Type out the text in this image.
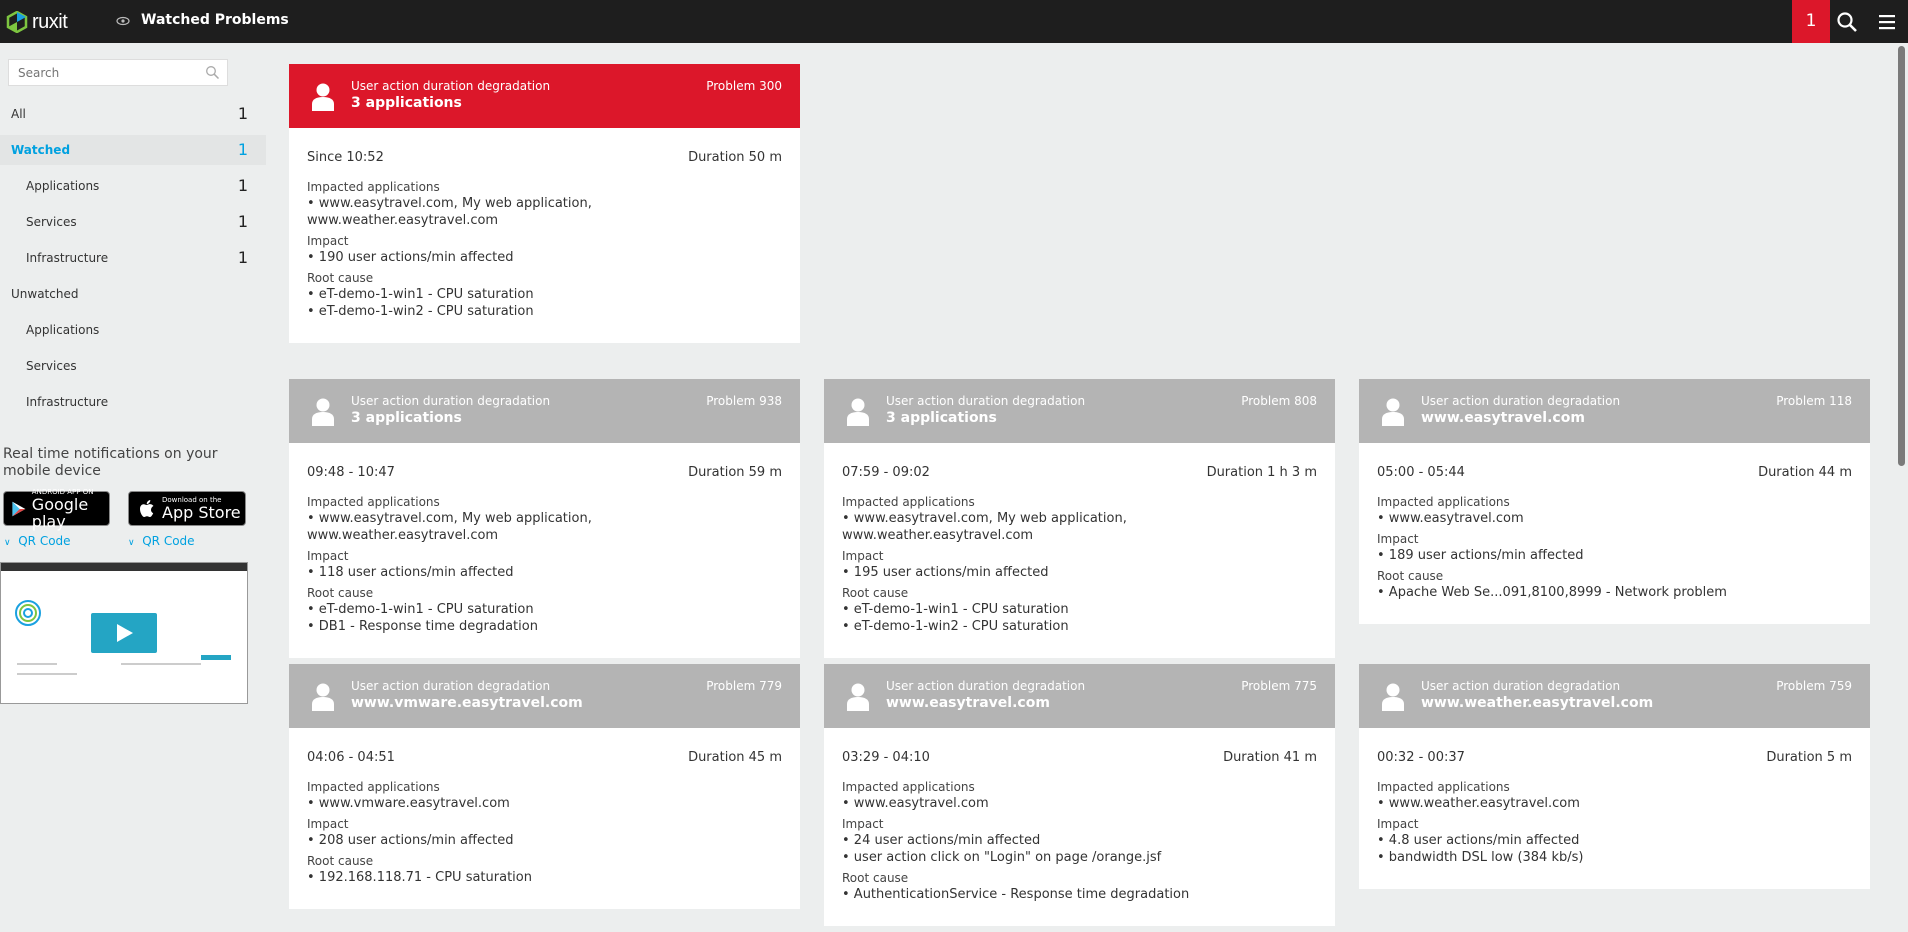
ruxit	Watched Problems	1
Search
All	1
Watched	1
Applications	1
Services	1
Infrastructure	1
Unwatched
Applications
Services
Infrastructure
Real time notifications on your mobile device
ANDROID APP ON
Google play
Download on the
App Store
∨ QR Code	∨ QR Code
User action duration degradation
3 applications
Problem 300
Since 10:52	Duration 50 m
Impacted applications
• www.easytravel.com, My web application, www.weather.easytravel.com
Impact
• 190 user actions/min affected
Root cause
• eT-demo-1-win1 - CPU saturation
• eT-demo-1-win2 - CPU saturation
User action duration degradation
3 applications
Problem 938
09:48 - 10:47	Duration 59 m
Impacted applications
• www.easytravel.com, My web application, www.weather.easytravel.com
Impact
• 118 user actions/min affected
Root cause
• eT-demo-1-win1 - CPU saturation
• DB1 - Response time degradation
User action duration degradation
3 applications
Problem 808
07:59 - 09:02	Duration 1 h 3 m
Impacted applications
• www.easytravel.com, My web application, www.weather.easytravel.com
Impact
• 195 user actions/min affected
Root cause
• eT-demo-1-win1 - CPU saturation
• eT-demo-1-win2 - CPU saturation
User action duration degradation
www.easytravel.com
Problem 118
05:00 - 05:44	Duration 44 m
Impacted applications
• www.easytravel.com
Impact
• 189 user actions/min affected
Root cause
• Apache Web Se...091,8100,8999 - Network problem
User action duration degradation
www.vmware.easytravel.com
Problem 779
04:06 - 04:51	Duration 45 m
Impacted applications
• www.vmware.easytravel.com
Impact
• 208 user actions/min affected
Root cause
• 192.168.118.71 - CPU saturation
User action duration degradation
www.easytravel.com
Problem 775
03:29 - 04:10	Duration 41 m
Impacted applications
• www.easytravel.com
Impact
• 24 user actions/min affected
• user action click on "Login" on page /orange.jsf
Root cause
• AuthenticationService - Response time degradation
User action duration degradation
www.weather.easytravel.com
Problem 759
00:32 - 00:37	Duration 5 m
Impacted applications
• www.weather.easytravel.com
Impact
• 4.8 user actions/min affected
• bandwidth DSL low (384 kb/s)
